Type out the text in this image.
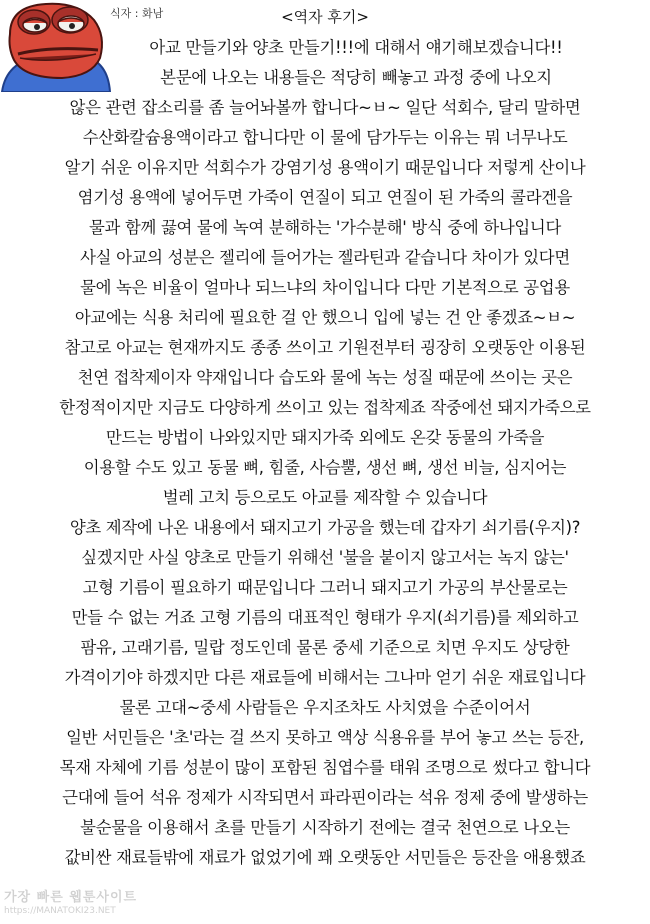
식자 : 화남	<역자 후기>
아교 만들기와 양초 만들기!!!에 대해서 얘기해보겠습니다!!
본문에 나오는 내용들은 적당히 빼놓고 과정 중에 나오지
않은 관련 잡소리를 좀 늘어놔볼까 합니다~ㅂ~ 일단 석회수, 달리 말하면
수산화칼슘용액이라고 합니다만 이 물에 담가두는 이유는 뭐 너무나도
알기 쉬운 이유지만 석회수가 강염기성 용액이기 때문입니다 저렇게 산이나
염기성 용액에 넣어두면 가죽이 연질이 되고 연질이 된 가죽의 콜라겐을
물과 함께 끓여 물에 녹여 분해하는 '가수분해' 방식 중에 하나입니다
사실 아교의 성분은 젤리에 들어가는 젤라틴과 같습니다 차이가 있다면
물에 녹은 비율이 얼마나 되느냐의 차이입니다 다만 기본적으로 공업용
아교에는 식용 처리에 필요한 걸 안 했으니 입에 넣는 건 안 좋겠죠~ㅂ~
참고로 아교는 현재까지도 종종 쓰이고 기원전부터 굉장히 오랫동안 이용된
천연 접착제이자 약재입니다 습도와 물에 녹는 성질 때문에 쓰이는 곳은
한정적이지만 지금도 다양하게 쓰이고 있는 접착제죠 작중에선 돼지가죽으로
만드는 방법이 나와있지만 돼지가죽 외에도 온갖 동물의 가죽을
이용할 수도 있고 동물 뼈, 힘줄, 사슴뿔, 생선 뼈, 생선 비늘, 심지어는
벌레 고치 등으로도 아교를 제작할 수 있습니다
양초 제작에 나온 내용에서 돼지고기 가공을 했는데 갑자기 쇠기름(우지)?
싶겠지만 사실 양초로 만들기 위해선 '불을 붙이지 않고서는 녹지 않는'
고형 기름이 필요하기 때문입니다 그러니 돼지고기 가공의 부산물로는
만들 수 없는 거죠 고형 기름의 대표적인 형태가 우지(쇠기름)를 제외하고
팜유, 고래기름, 밀랍 정도인데 물론 중세 기준으로 치면 우지도 상당한
가격이기야 하겠지만 다른 재료들에 비해서는 그나마 얻기 쉬운 재료입니다
물론 고대~중세 사람들은 우지조차도 사치였을 수준이어서
일반 서민들은 '초'라는 걸 쓰지 못하고 액상 식용유를 부어 놓고 쓰는 등잔,
목재 자체에 기름 성분이 많이 포함된 침엽수를 태워 조명으로 썼다고 합니다
근대에 들어 석유 정제가 시작되면서 파라핀이라는 석유 정제 중에 발생하는
불순물을 이용해서 초를 만들기 시작하기 전에는 결국 천연으로 나오는
값비싼 재료들밖에 재료가 없었기에 꽤 오랫동안 서민들은 등잔을 애용했죠
가장 빠른 웹툰사이트
https://MANATOKI23.NET
